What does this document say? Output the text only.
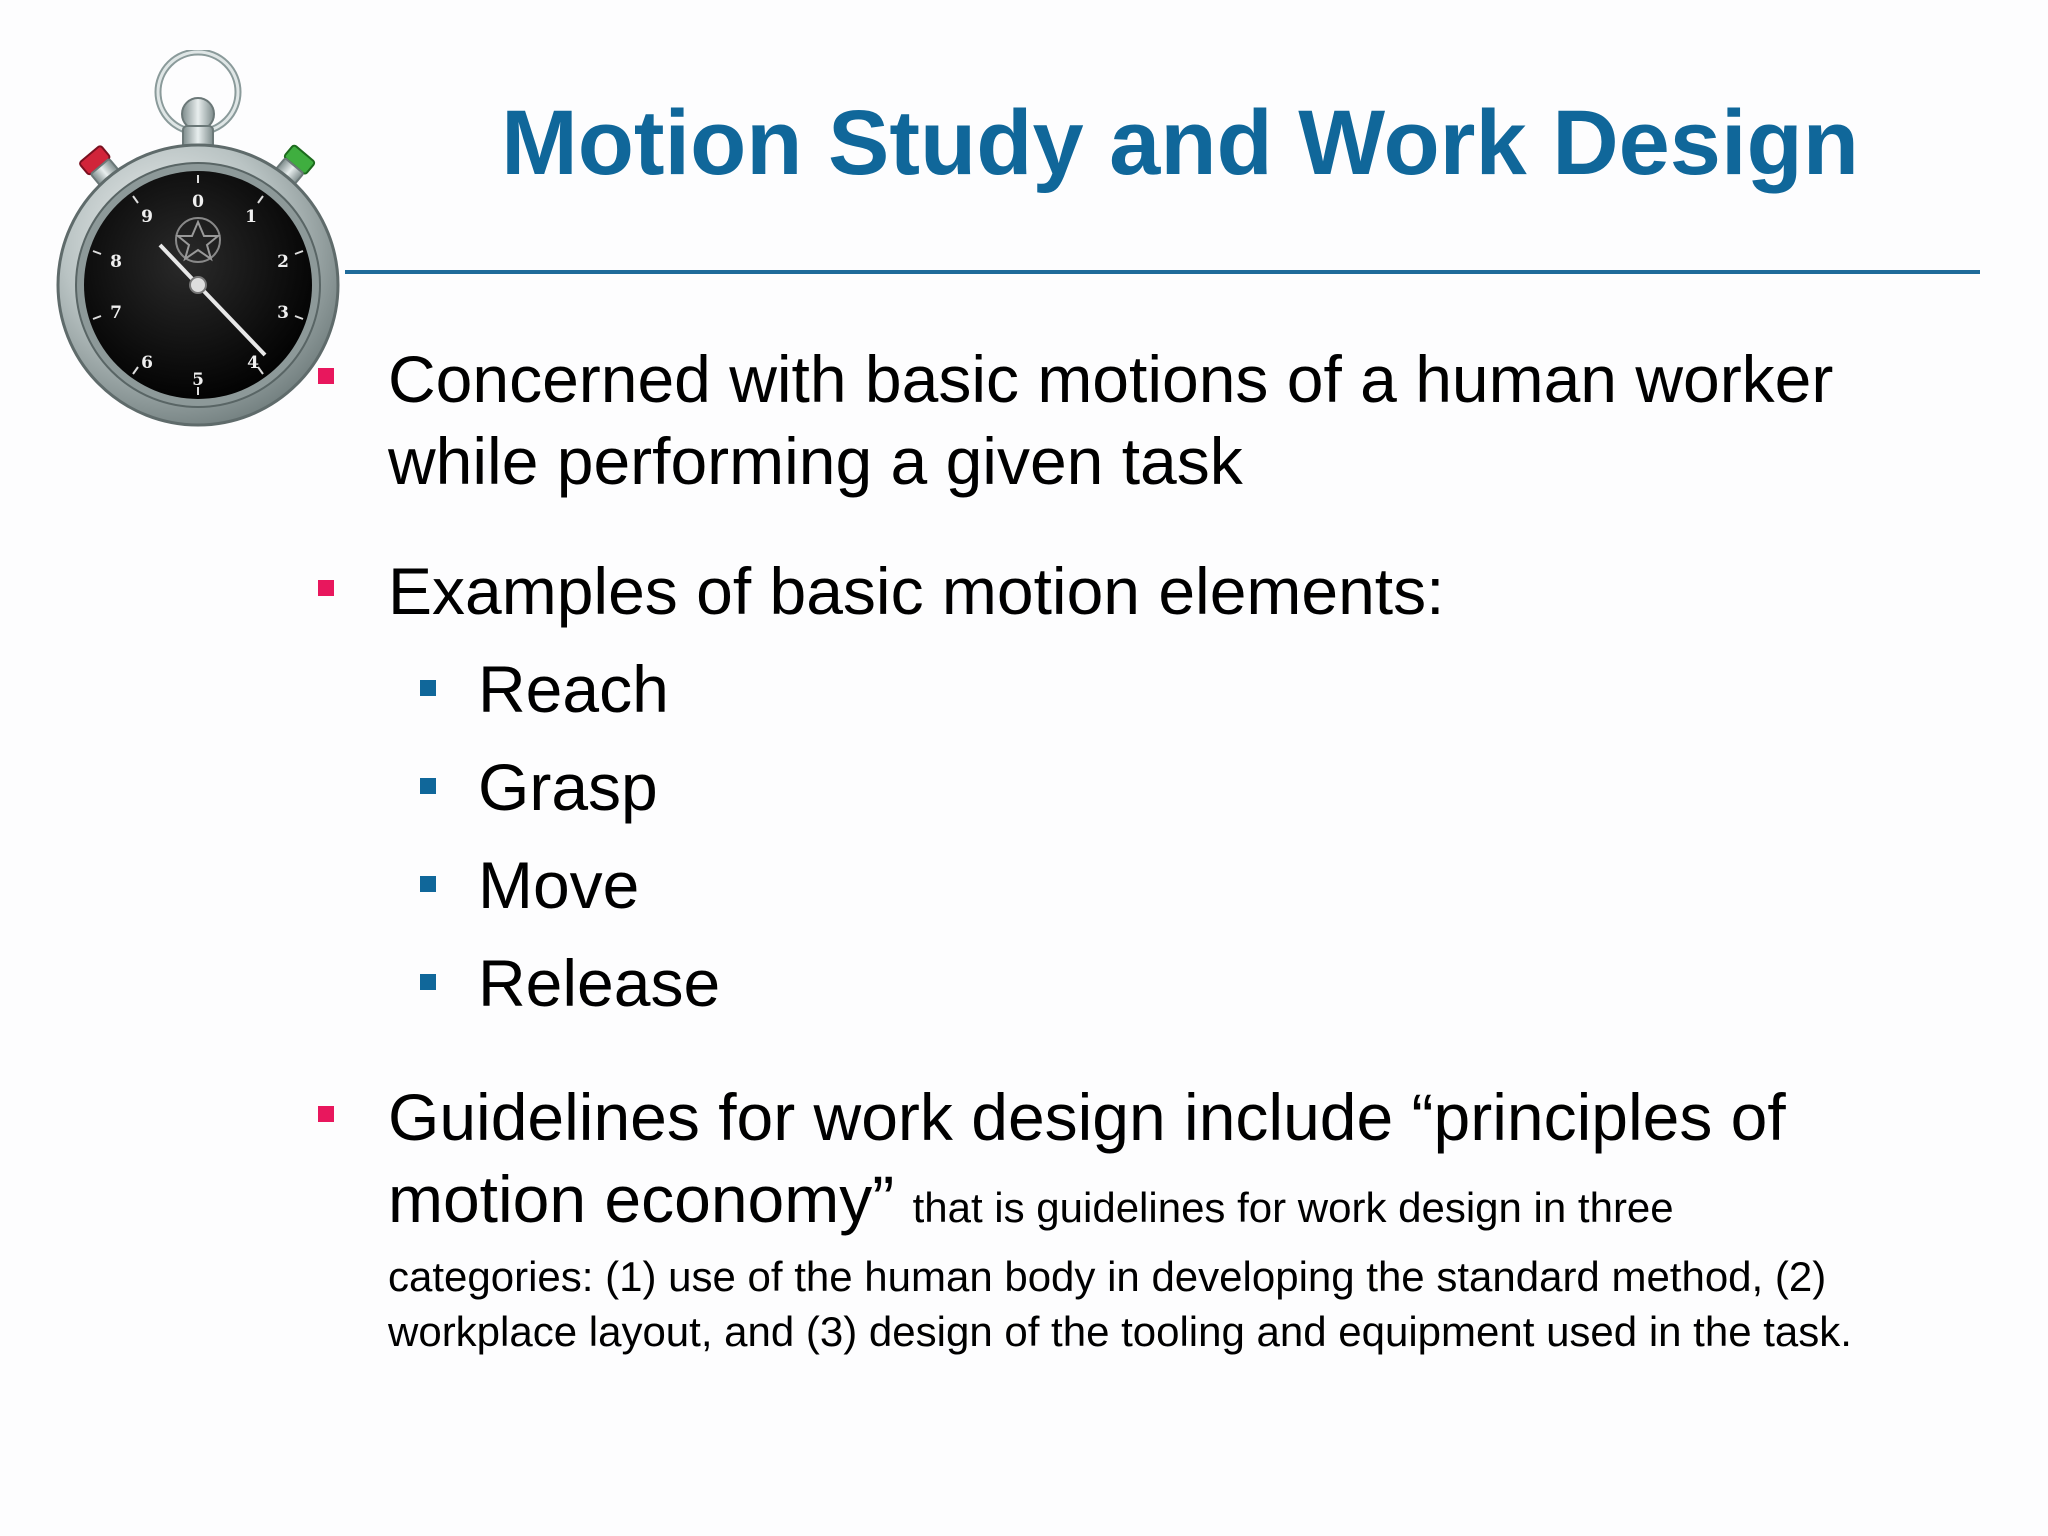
0
1
2
3
4
5
6
7
8
9
Motion Study and Work Design

Concerned with basic motions of a human worker while performing a given task

Examples of basic motion elements:

Reach

Grasp

Move

Release

Guidelines for work design include “principles of motion economy” that is guidelines for work design in three
categories: (1) use of the human body in developing the standard method, (2) workplace layout, and (3) design of the tooling and equipment used in the task.
